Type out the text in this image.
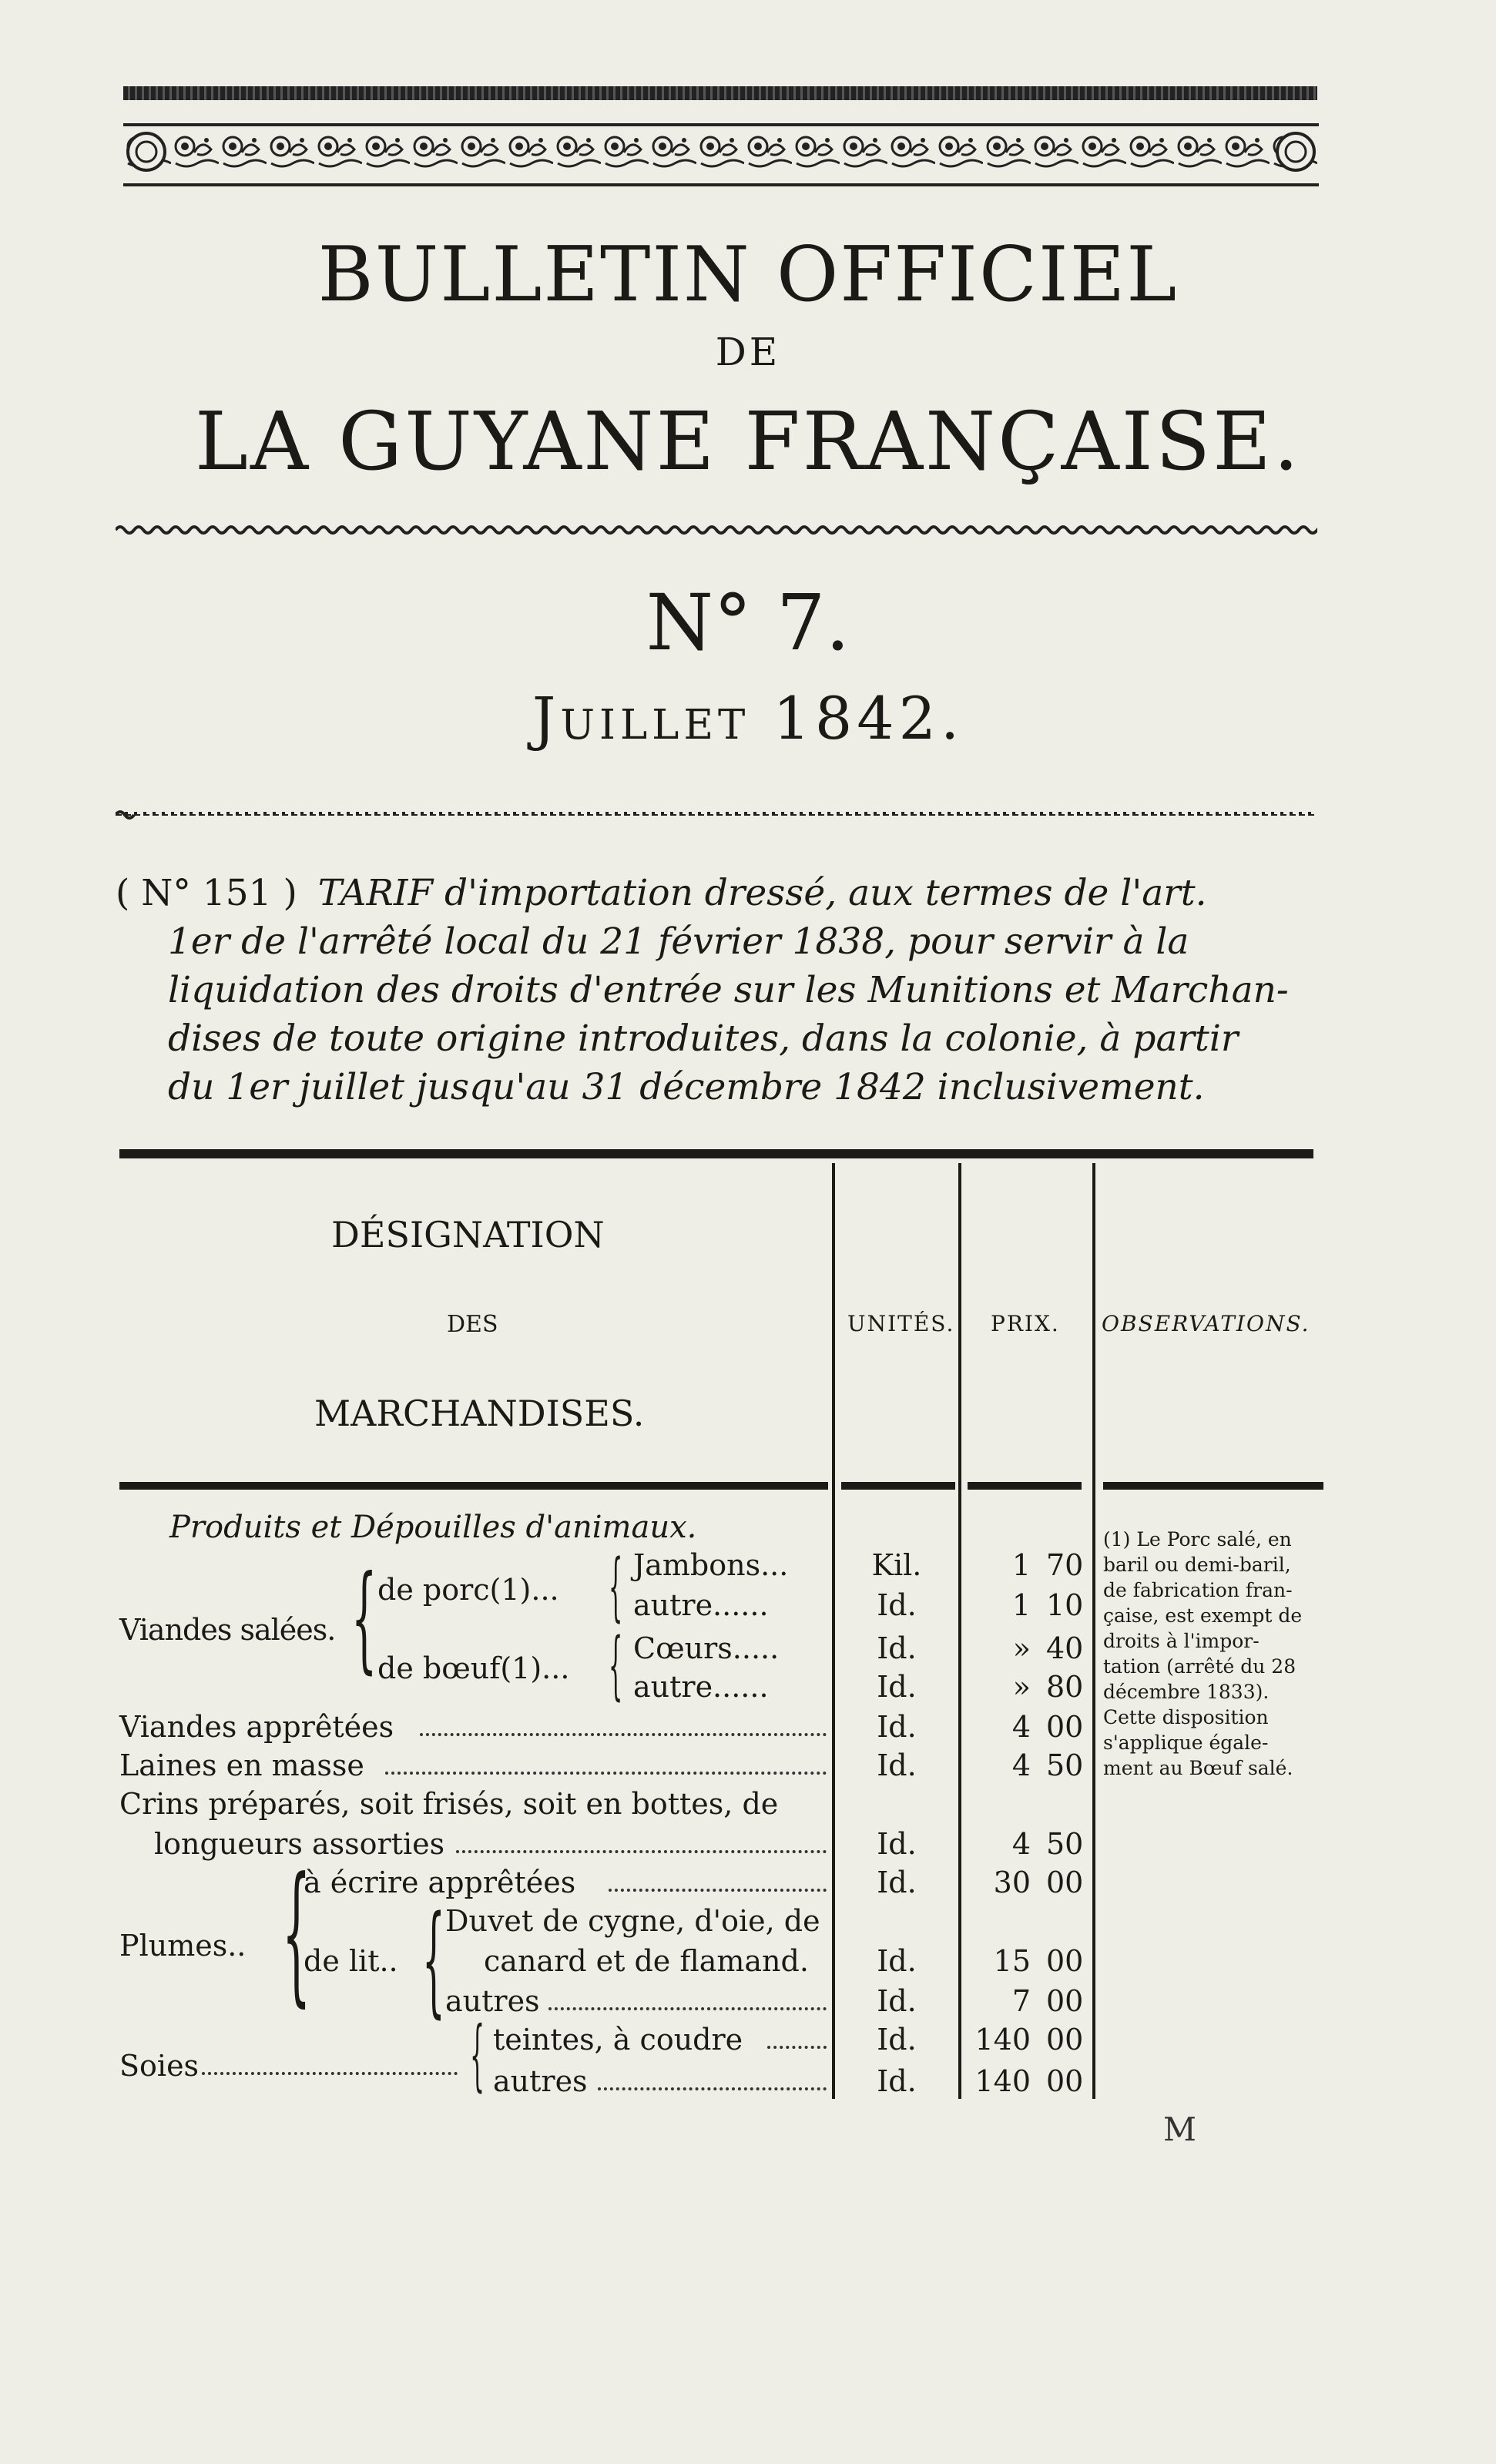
BULLETIN OFFICIEL
DE
LA GUYANE FRANÇAISE.
N° 7.
Juillet 1842.
( N° 151 ) TARIF d'importation dressé, aux termes de l'art.
1er de l'arrêté local du 21 février 1838, pour servir à la
liquidation des droits d'entrée sur les Munitions et Marchan-
dises de toute origine introduites, dans la colonie, à partir
du 1er juillet jusqu'au 31 décembre 1842 inclusivement.
DÉSIGNATION
DES
MARCHANDISES.
UNITÉS. PRIX. OBSERVATIONS.
Produits et Dépouilles d'animaux.
Viandes salées. { de porc(1)...
de bœuf(1)...
{
{
Jambons...
autre......
Cœurs.....
autre......
Viandes apprêtées
Laines en masse
Crins préparés, soit frisés, soit en bottes, de
longueurs assorties
Plumes.. {
à écrire apprêtées
de lit.. { Duvet de cygne, d'oie, de
canard et de flamand.
autres
Soies	{ teintes, à coudre
autres
Kil.
Id.
Id.
Id.
Id.
Id.
Id.
Id.
Id.
Id.
Id.
Id.
1 70
1 10
» 40
» 80
4 00
4 50
4 50
30 00
15 00
7 00
140 00
140 00
(1) Le Porc salé, en
baril ou demi-baril,
de fabrication fran-
çaise, est exempt de
droits à l'impor-
tation (arrêté du 28
décembre 1833).
Cette disposition
s'applique égale-
ment au Bœuf salé.
M
